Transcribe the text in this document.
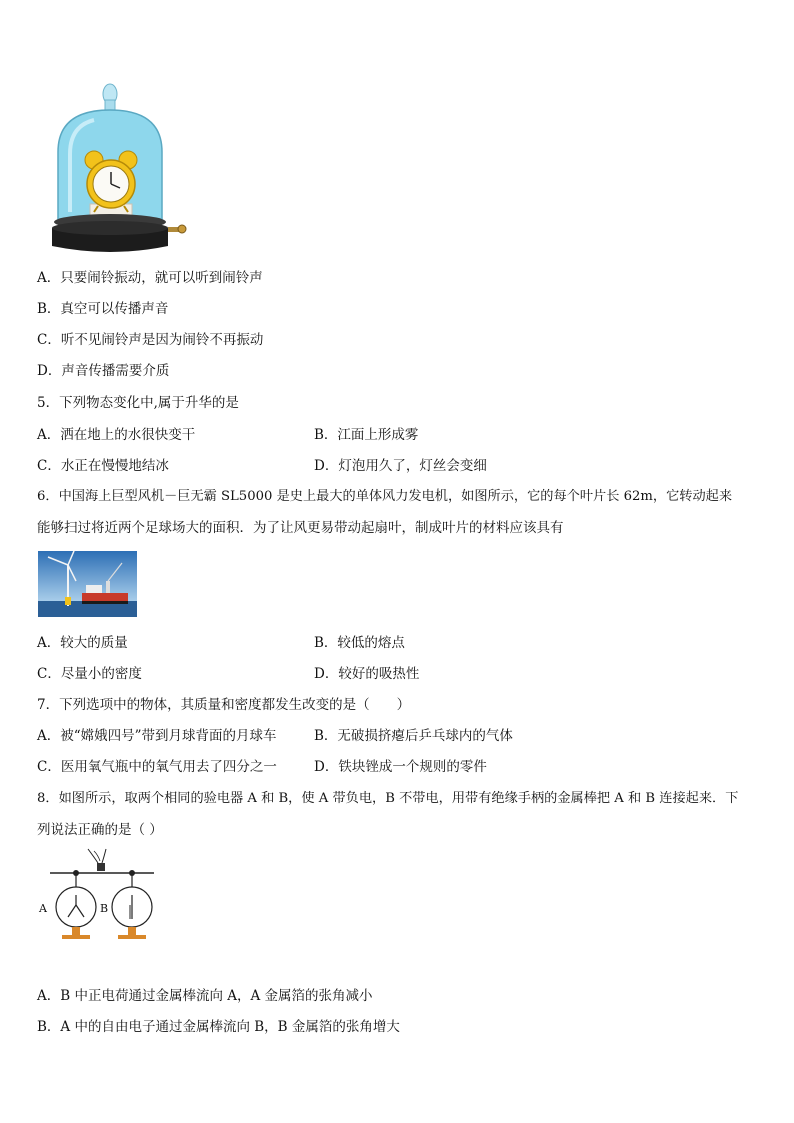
A．只要闹铃振动，就可以听到闹铃声
B．真空可以传播声音
C．听不见闹铃声是因为闹铃不再振动
D．声音传播需要介质
5．下列物态变化中,属于升华的是
A．洒在地上的水很快变干	B．江面上形成雾
C．水正在慢慢地结冰	D．灯泡用久了，灯丝会变细
6．中国海上巨型风机－巨无霸 SL5000 是史上最大的单体风力发电机，如图所示，它的每个叶片长 62m，它转动起来
能够扫过将近两个足球场大的面积．为了让风更易带动起扇叶，制成叶片的材料应该具有
A．较大的质量	B．较低的熔点
C．尽量小的密度	D．较好的吸热性
7．下列选项中的物体，其质量和密度都发生改变的是（　　）
A．被“嫦娥四号”带到月球背面的月球车	B．无破损挤瘪后乒乓球内的气体
C．医用氧气瓶中的氧气用去了四分之一	D．铁块锉成一个规则的零件
8．如图所示，取两个相同的验电器 A 和 B，使 A 带负电，B 不带电，用带有绝缘手柄的金属棒把 A 和 B 连接起来．下
列说法正确的是（ ）
A	B
A．B 中正电荷通过金属棒流向 A，A 金属箔的张角减小
B．A 中的自由电子通过金属棒流向 B，B 金属箔的张角增大
